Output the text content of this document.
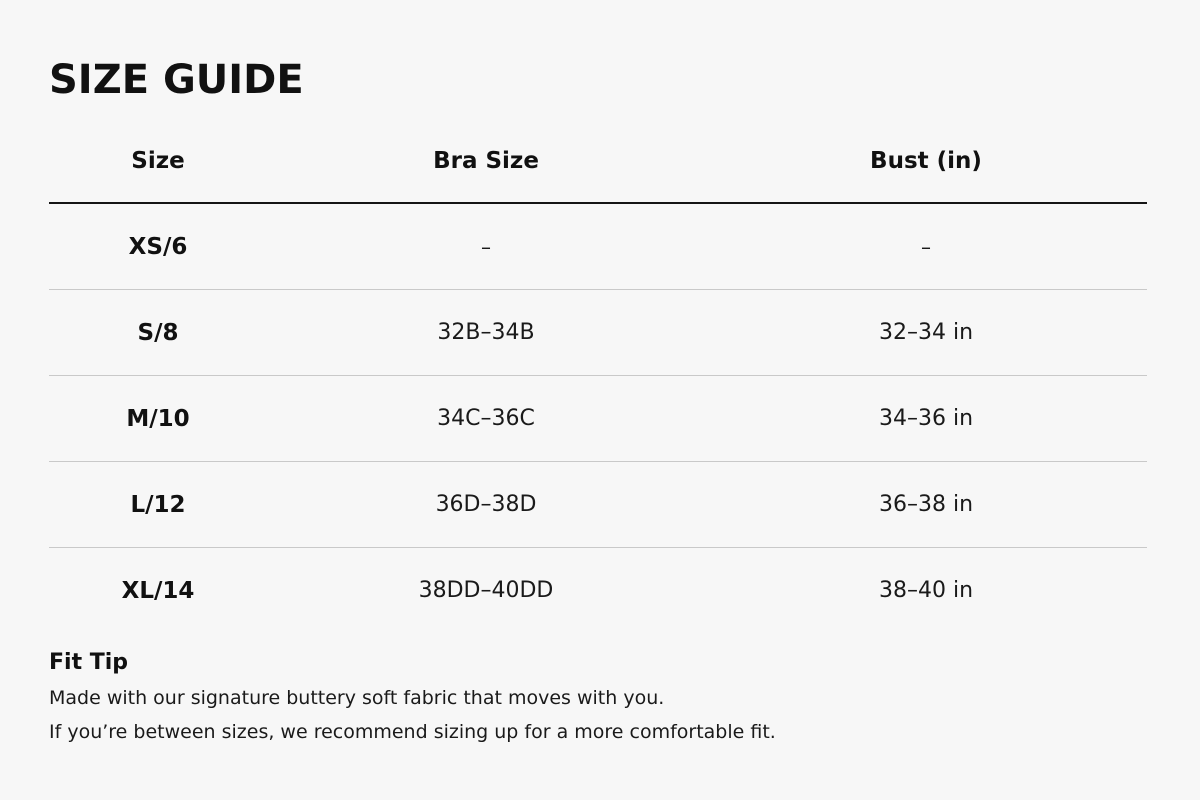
SIZE GUIDE
Size	Bra Size	Bust (in)
XS/6	–	–
S/8	32B–34B	32–34 in
M/10	34C–36C	34–36 in
L/12	36D–38D	36–38 in
XL/14	38DD–40DD	38–40 in
Fit Tip

Made with our signature buttery soft fabric that moves with you.

If you’re between sizes, we recommend sizing up for a more comfortable fit.
